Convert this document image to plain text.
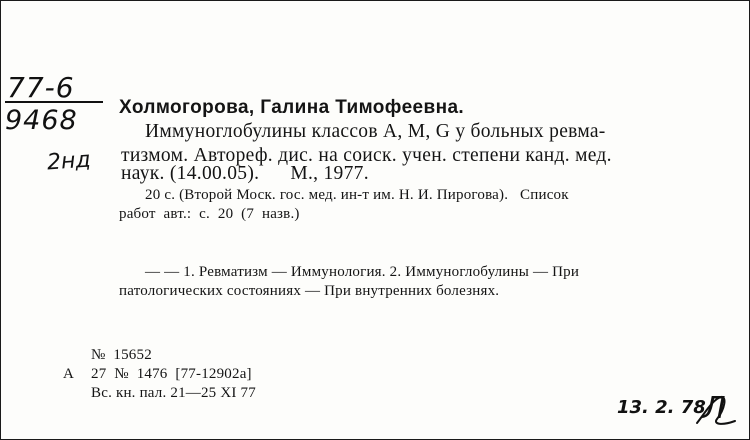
77-6
9468
2нд
Холмогорова, Галина Тимофеевна.
Иммуноглобулины классов A, M, G у больных ревма-
тизмом. Автореф. дис. на соиск. учен. степени канд. мед.
наук. (14.00.05).      М., 1977.
20 с. (Второй Моск. гос. мед. ин-т им. Н. И. Пирогова).   Список
работ  авт.:  с.  20  (7  назв.)
— — 1. Ревматизм — Иммунология. 2. Иммуноглобулины — При
патологических состояниях — При внутренних болезнях.
№  15652
А 27  №  1476  [77-12902а]
Вс. кн. пал. 21—25 XI 77
13. 2. 78
Л
